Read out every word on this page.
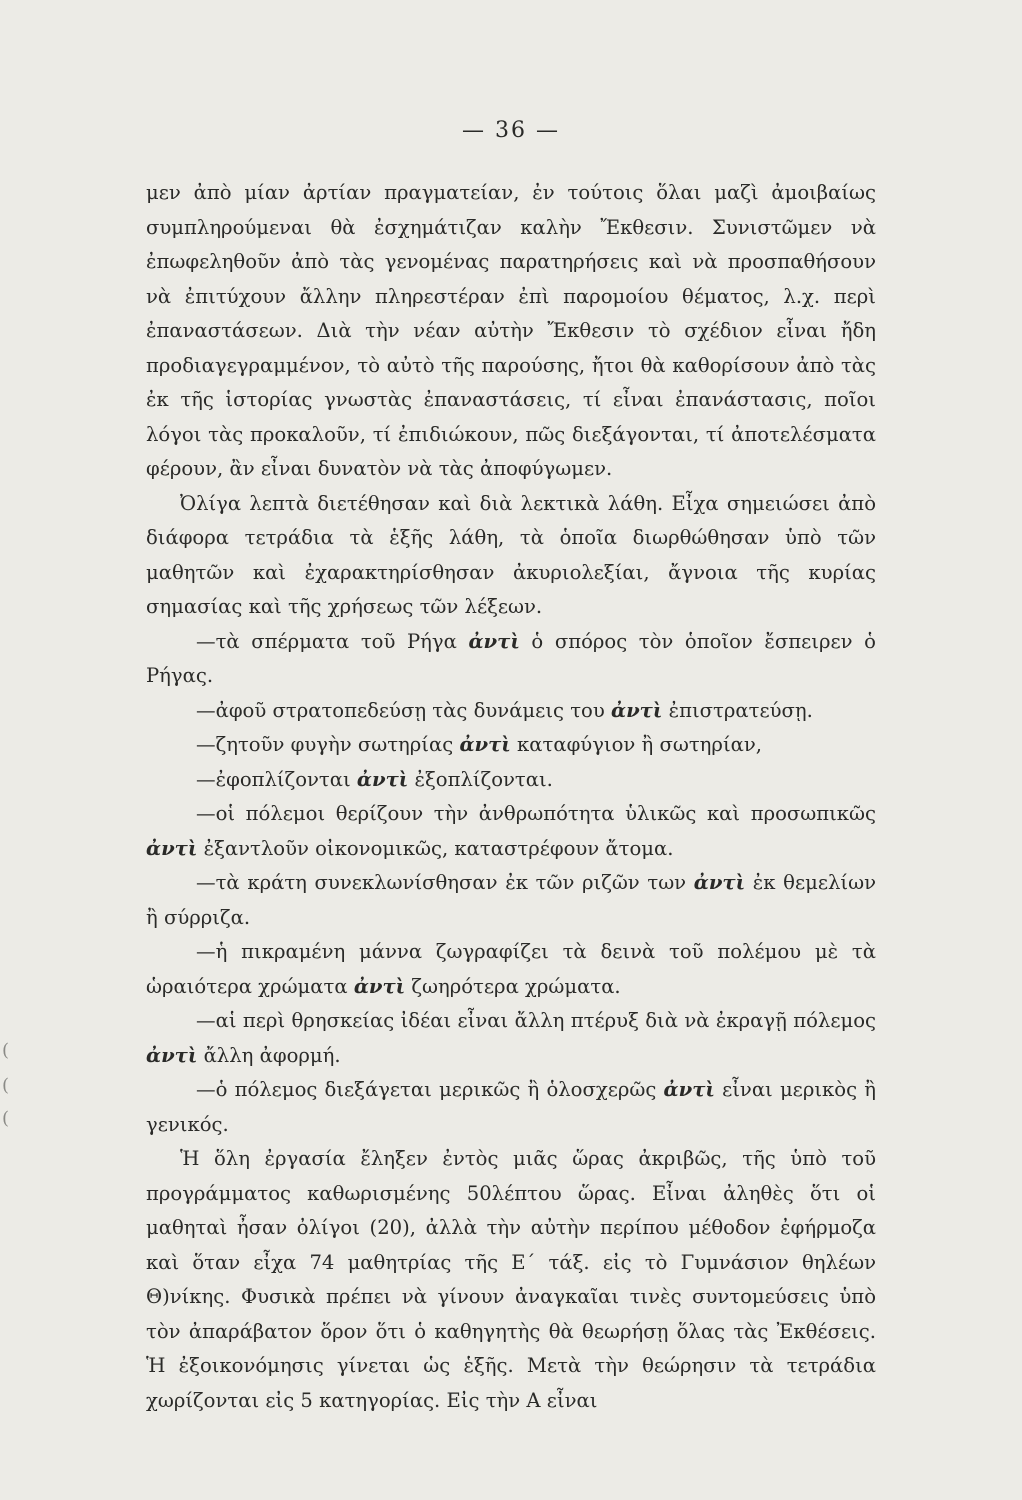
— 36 —
(
(
(

μεν ἀπὸ μίαν ἀρτίαν πραγματείαν, ἐν τούτοις ὅλαι μαζὶ ἀμοιβαίως συμπληρούμεναι θὰ ἐσχημάτιζαν καλὴν Ἔκθεσιν. Συνιστῶμεν νὰ ἐπωφεληθοῦν ἀπὸ τὰς γενομένας παρατηρήσεις καὶ νὰ προσπαθήσουν νὰ ἐπιτύχουν ἄλλην πληρεστέραν ἐπὶ παρομοίου θέματος, λ.χ. περὶ ἐπαναστάσεων. Διὰ τὴν νέαν αὐτὴν Ἔκθεσιν τὸ σχέδιον εἶναι ἤδη προδιαγεγραμμένον, τὸ αὐτὸ τῆς παρούσης, ἤτοι θὰ καθορίσουν ἀπὸ τὰς ἐκ τῆς ἱστορίας γνωστὰς ἐπαναστάσεις, τί εἶναι ἐπανάστασις, ποῖοι λόγοι τὰς προκαλοῦν, τί ἐπιδιώκουν, πῶς διεξάγονται, τί ἀποτελέσματα φέρουν, ἂν εἶναι δυνατὸν νὰ τὰς ἀποφύγωμεν.

Ὀλίγα λεπτὰ διετέθησαν καὶ διὰ λεκτικὰ λάθη. Εἶχα σημειώσει ἀπὸ διάφορα τετράδια τὰ ἑξῆς λάθη, τὰ ὁποῖα διωρθώθησαν ὑπὸ τῶν μαθητῶν καὶ ἐχαρακτηρίσθησαν ἀκυριολεξίαι, ἄγνοια τῆς κυρίας σημασίας καὶ τῆς χρήσεως τῶν λέξεων.

—τὰ σπέρματα τοῦ Ρήγα ἀντὶ ὁ σπόρος τὸν ὁποῖον ἔσπειρεν ὁ Ρήγας.

—ἀφοῦ στρατοπεδεύσῃ τὰς δυνάμεις του ἀντὶ ἐπιστρατεύσῃ.

—ζητοῦν φυγὴν σωτηρίας ἀντὶ καταφύγιον ἢ σωτηρίαν,

—ἐφοπλίζονται ἀντὶ ἐξοπλίζονται.

—οἱ πόλεμοι θερίζουν τὴν ἀνθρωπότητα ὑλικῶς καὶ προσωπικῶς ἀντὶ ἐξαντλοῦν οἰκονομικῶς, καταστρέφουν ἄτομα.

—τὰ κράτη συνεκλωνίσθησαν ἐκ τῶν ριζῶν των ἀντὶ ἐκ θεμελίων ἢ σύρριζα.

—ἡ πικραμένη μάννα ζωγραφίζει τὰ δεινὰ τοῦ πολέμου μὲ τὰ ὡραιότερα χρώματα ἀντὶ ζωηρότερα χρώματα.

—αἱ περὶ θρησκείας ἰδέαι εἶναι ἄλλη πτέρυξ διὰ νὰ ἐκραγῇ πόλεμος ἀντὶ ἄλλη ἀφορμή.

—ὁ πόλεμος διεξάγεται μερικῶς ἢ ὁλοσχερῶς ἀντὶ εἶναι μερικὸς ἢ γενικός.

Ἡ ὅλη ἐργασία ἔληξεν ἐντὸς μιᾶς ὥρας ἀκριβῶς, τῆς ὑπὸ τοῦ προγράμματος καθωρισμένης 50λέπτου ὥρας. Εἶναι ἀληθὲς ὅτι οἱ μαθηταὶ ἦσαν ὀλίγοι (20), ἀλλὰ τὴν αὐτὴν περίπου μέθοδον ἐφήρμοζα καὶ ὅταν εἶχα 74 μαθητρίας τῆς Ε΄ τάξ. εἰς τὸ Γυμνάσιον θηλέων Θ)νίκης. Φυσικὰ πρέπει νὰ γίνουν ἀναγκαῖαι τινὲς συντομεύσεις ὑπὸ τὸν ἀπαράβατον ὅρον ὅτι ὁ καθηγητὴς θὰ θεωρήσῃ ὅλας τὰς Ἐκθέσεις. Ἡ ἐξοικονόμησις γίνεται ὡς ἑξῆς. Μετὰ τὴν θεώρησιν τὰ τετράδια χωρίζονται εἰς 5 κατηγορίας. Εἰς τὴν Α εἶναι
